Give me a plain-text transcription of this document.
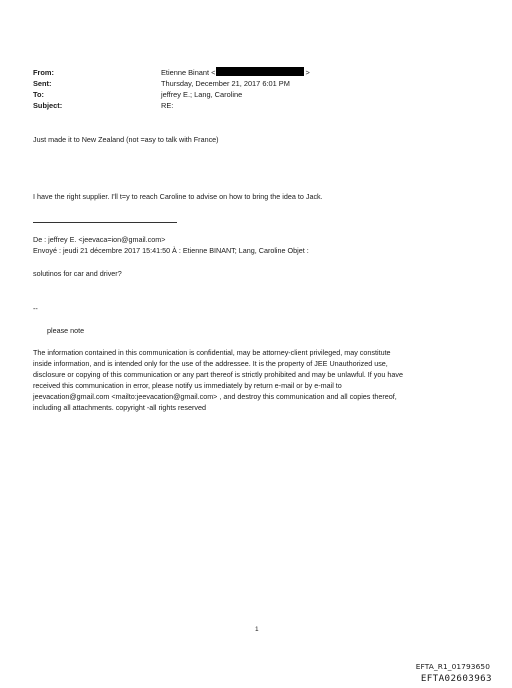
From:	Etienne Binant <	>
Sent:	Thursday, December 21, 2017 6:01 PM
To:	jeffrey E.; Lang, Caroline
Subject:	RE:
Just made it to New Zealand (not =asy to talk with France)
I have the right supplier. I'll t=y to reach Caroline to advise on how to bring the idea to Jack.
De : jeffrey E. <jeevaca=ion@gmail.com>
Envoyé : jeudi 21 décembre 2017 15:41:50 À : Etienne BINANT; Lang, Caroline Objet :
solutinos for car and driver?
--
please note
The information contained in this communication is confidential, may be attorney-client privileged, may constitute
inside information, and is intended only for the use of the addressee. It is the property of JEE Unauthorized use,
disclosure or copying of this communication or any part thereof is strictly prohibited and may be unlawful. If you have
received this communication in error, please notify us immediately by return e-mail or by e-mail to
jeevacation@gmail.com <mailto:jeevacation@gmail.com> , and destroy this communication and all copies thereof,
including all attachments. copyright -all rights reserved
1
EFTA_R1_01793650
EFTA02603963
